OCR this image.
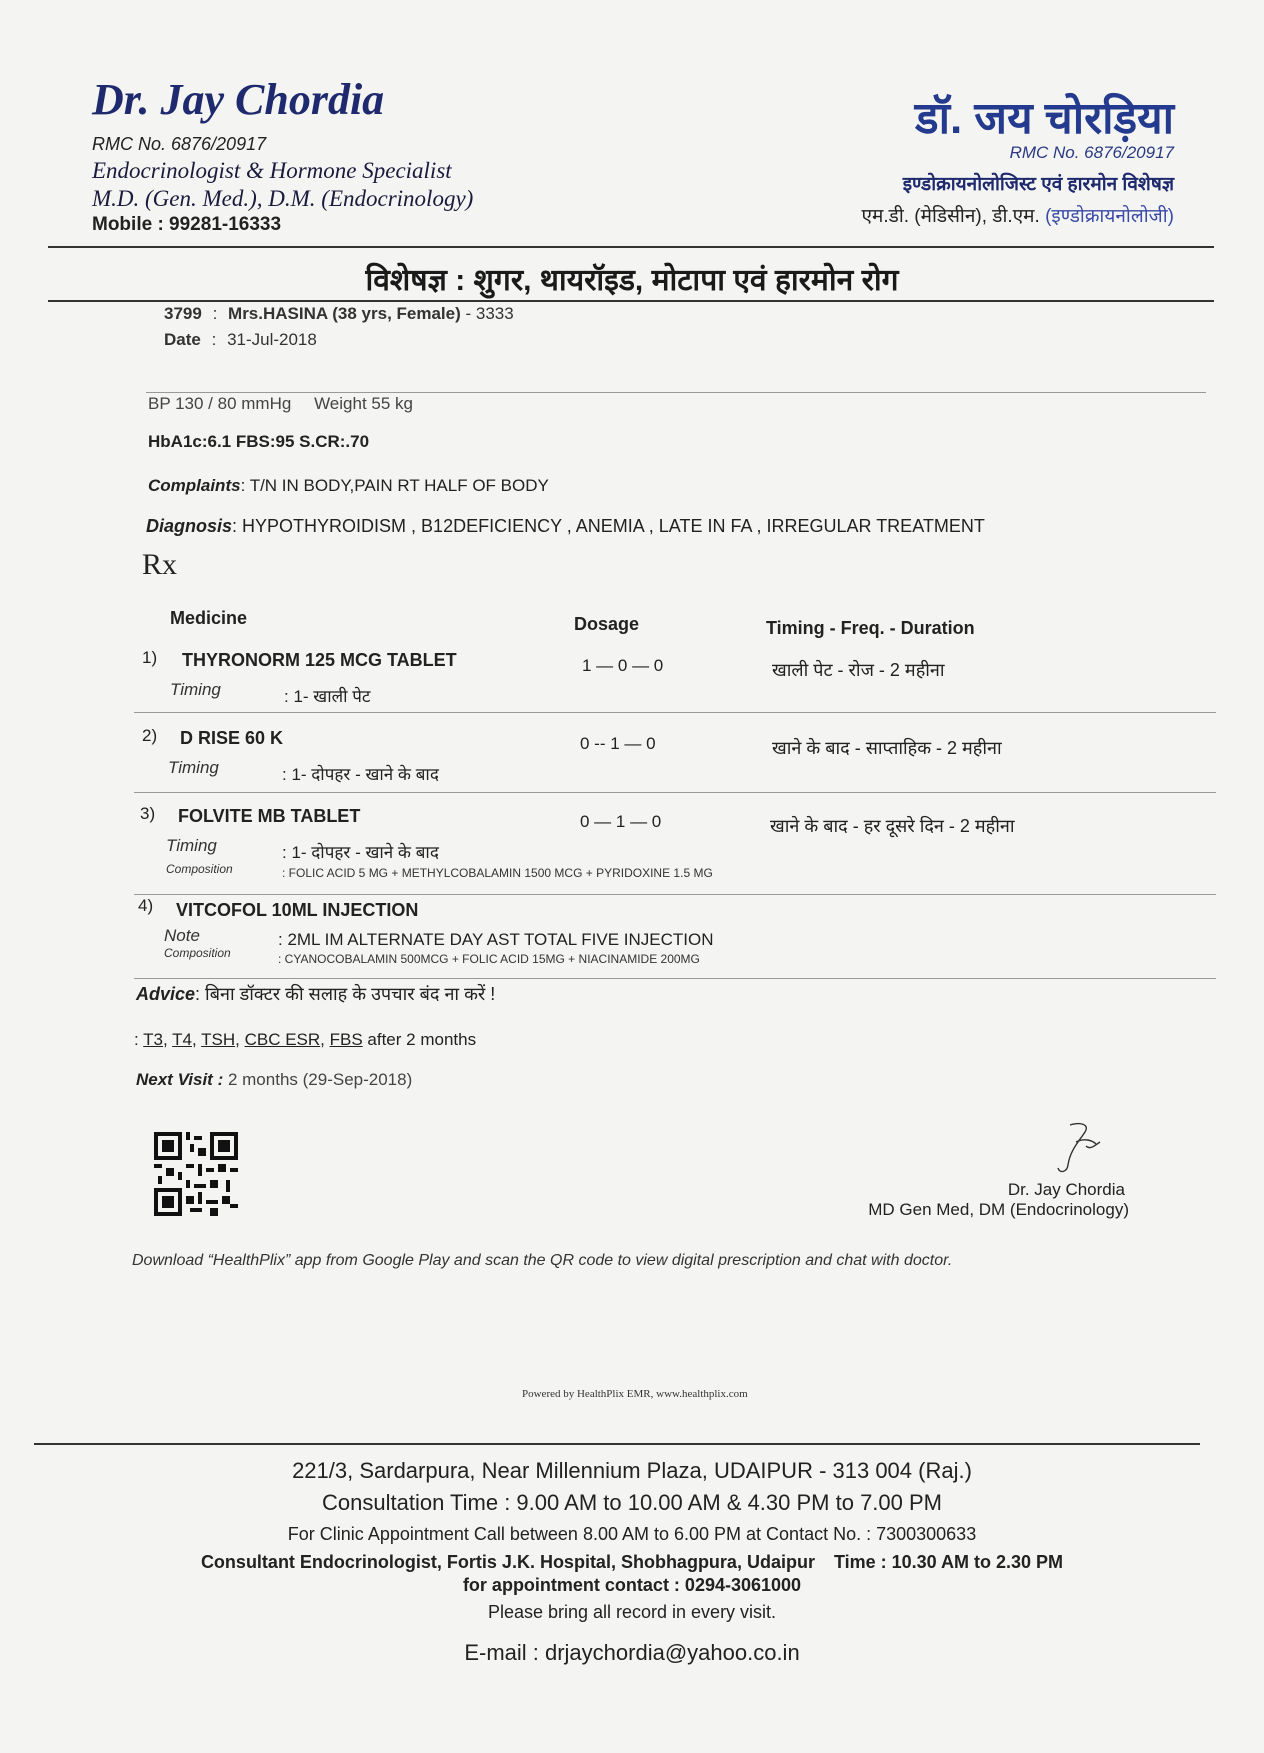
Dr. Jay Chordia
RMC No. 6876/20917
Endocrinologist & Hormone Specialist
M.D. (Gen. Med.), D.M. (Endocrinology)
Mobile : 99281-16333
डॉ. जय चोरड़िया
RMC No. 6876/20917
इण्डोक्रायनोलोजिस्ट एवं हारमोन विशेषज्ञ
एम.डी. (मेडिसीन), डी.एम. (इण्डोक्रायनोलोजी)
विशेषज्ञ : शुगर, थायरॉइड, मोटापा एवं हारमोन रोग
3799 : Mrs.HASINA (38 yrs, Female) - 3333
Date : 31-Jul-2018
BP 130 / 80 mmHg Weight 55 kg
HbA1c:6.1 FBS:95 S.CR:.70
Complaints: T/N IN BODY,PAIN RT HALF OF BODY
Diagnosis: HYPOTHYROIDISM , B12DEFICIENCY , ANEMIA , LATE IN FA , IRREGULAR TREATMENT
Rx
Medicine	Dosage	Timing - Freq. - Duration
1) THYRONORM 125 MCG TABLET	1 — 0 — 0	खाली पेट - रोज - 2 महीना
Timing	: 1- खाली पेट
2) D RISE 60 K	0 -- 1 — 0	खाने के बाद - साप्ताहिक - 2 महीना
Timing	: 1- दोपहर - खाने के बाद
3) FOLVITE MB TABLET	0 — 1 — 0	खाने के बाद - हर दूसरे दिन - 2 महीना
Timing	: 1- दोपहर - खाने के बाद
Composition	: FOLIC ACID 5 MG + METHYLCOBALAMIN 1500 MCG + PYRIDOXINE 1.5 MG
4) VITCOFOL 10ML INJECTION
Note	: 2ML IM ALTERNATE DAY AST TOTAL FIVE INJECTION
Composition	: CYANOCOBALAMIN 500MCG + FOLIC ACID 15MG + NIACINAMIDE 200MG
Advice: बिना डॉक्टर की सलाह के उपचार बंद ना करें !
: T3, T4, TSH, CBC ESR, FBS after 2 months
Next Visit : 2 months (29-Sep-2018)
Dr. Jay Chordia
MD Gen Med, DM (Endocrinology)
Download “HealthPlix” app from Google Play and scan the QR code to view digital prescription and chat with doctor.
Powered by HealthPlix EMR, www.healthplix.com
221/3, Sardarpura, Near Millennium Plaza, UDAIPUR - 313 004 (Raj.)
Consultation Time : 9.00 AM to 10.00 AM & 4.30 PM to 7.00 PM
For Clinic Appointment Call between 8.00 AM to 6.00 PM at Contact No. : 7300300633
Consultant Endocrinologist, Fortis J.K. Hospital, Shobhagpura, Udaipur Time : 10.30 AM to 2.30 PM
for appointment contact : 0294-3061000
Please bring all record in every visit.
E-mail : drjaychordia@yahoo.co.in
